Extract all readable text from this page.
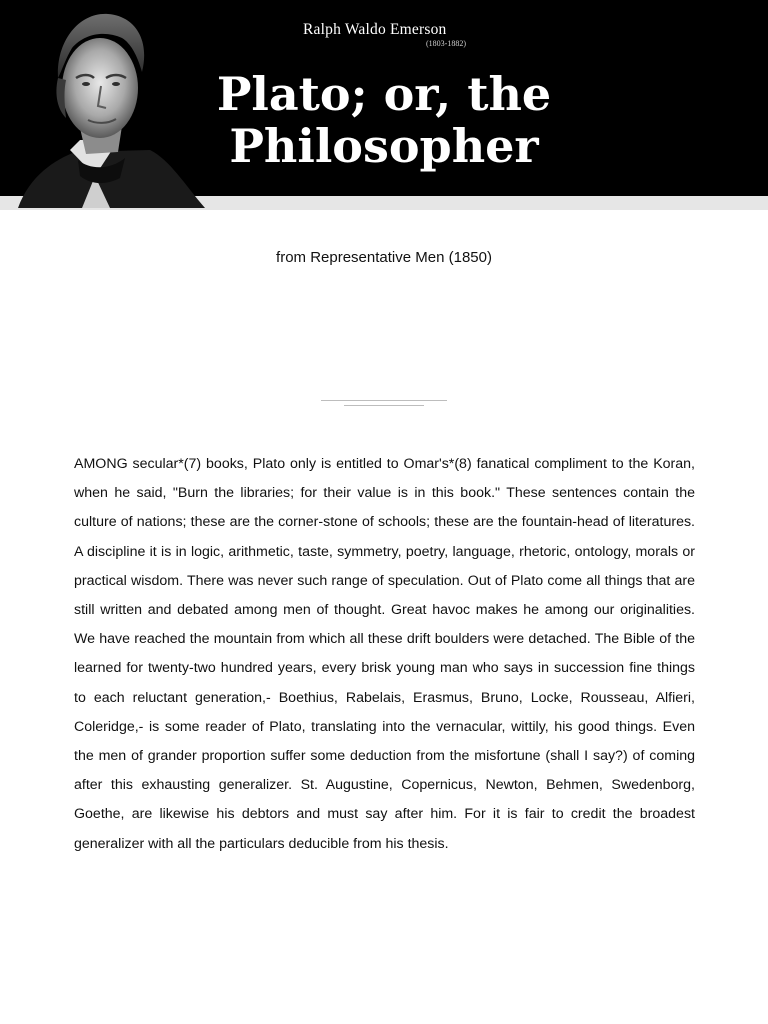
Ralph Waldo Emerson
(1803-1882)
Plato; or, the Philosopher
from Representative Men (1850)
AMONG secular*(7) books, Plato only is entitled to Omar's*(8) fanatical compliment to the Koran, when he said, "Burn the libraries; for their value is in this book." These sentences contain the culture of nations; these are the corner-stone of schools; these are the fountain-head of literatures. A discipline it is in logic, arithmetic, taste, symmetry, poetry, language, rhetoric, ontology, morals or practical wisdom. There was never such range of speculation. Out of Plato come all things that are still written and debated among men of thought. Great havoc makes he among our originalities. We have reached the mountain from which all these drift boulders were detached. The Bible of the learned for twenty-two hundred years, every brisk young man who says in succession fine things to each reluctant generation,- Boethius, Rabelais, Erasmus, Bruno, Locke, Rousseau, Alfieri, Coleridge,- is some reader of Plato, translating into the vernacular, wittily, his good things. Even the men of grander proportion suffer some deduction from the misfortune (shall I say?) of coming after this exhausting generalizer. St. Augustine, Copernicus, Newton, Behmen, Swedenborg, Goethe, are likewise his debtors and must say after him. For it is fair to credit the broadest generalizer with all the particulars deducible from his thesis.
